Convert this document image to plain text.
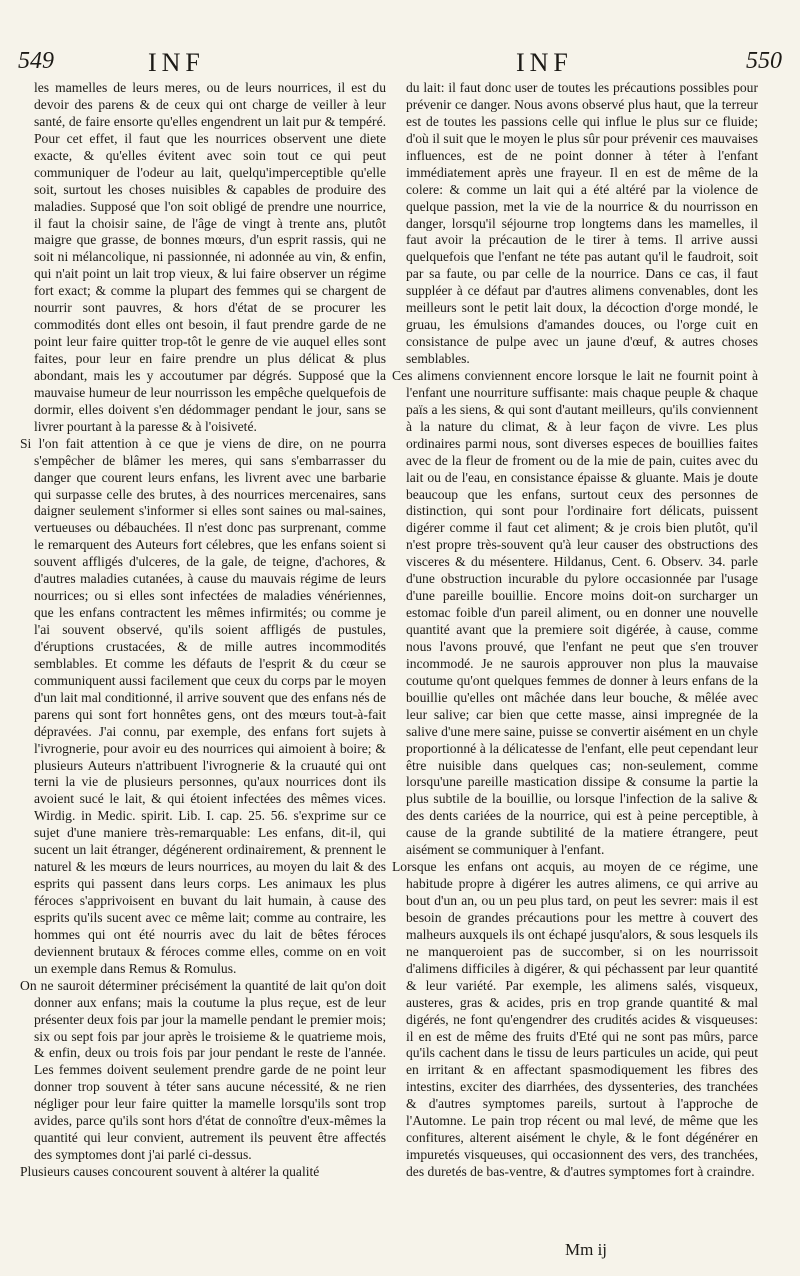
549	INF	INF	550

les mamelles de leurs meres, ou de leurs nourrices, il est du devoir des parens & de ceux qui ont charge de veiller à leur santé, de faire ensorte qu'elles engendrent un lait pur & tempéré. Pour cet effet, il faut que les nourrices observent une diete exacte, & qu'elles évitent avec soin tout ce qui peut communiquer de l'odeur au lait, quelqu'imperceptible qu'elle soit, surtout les choses nuisibles & capables de produire des maladies. Supposé que l'on soit obligé de prendre une nourrice, il faut la choisir saine, de l'âge de vingt à trente ans, plutôt maigre que grasse, de bonnes mœurs, d'un esprit rassis, qui ne soit ni mélancolique, ni passionnée, ni adonnée au vin, & enfin, qui n'ait point un lait trop vieux, & lui faire observer un régime fort exact; & comme la plupart des femmes qui se chargent de nourrir sont pauvres, & hors d'état de se procurer les commodités dont elles ont besoin, il faut prendre garde de ne point leur faire quitter trop-tôt le genre de vie auquel elles sont faites, pour leur en faire prendre un plus délicat & plus abondant, mais les y accoutumer par dégrés. Supposé que la mauvaise humeur de leur nourrisson les empêche quelquefois de dormir, elles doivent s'en dédommager pendant le jour, sans se livrer pourtant à la paresse & à l'oisiveté.

Si l'on fait attention à ce que je viens de dire, on ne pourra s'empêcher de blâmer les meres, qui sans s'embarrasser du danger que courent leurs enfans, les livrent avec une barbarie qui surpasse celle des brutes, à des nourrices mercenaires, sans daigner seulement s'informer si elles sont saines ou mal-saines, vertueuses ou débauchées. Il n'est donc pas surprenant, comme le remarquent des Auteurs fort célebres, que les enfans soient si souvent affligés d'ulceres, de la gale, de teigne, d'achores, & d'autres maladies cutanées, à cause du mauvais régime de leurs nourrices; ou si elles sont infectées de maladies vénériennes, que les enfans contractent les mêmes infirmités; ou comme je l'ai souvent observé, qu'ils soient affligés de pustules, d'éruptions crustacées, & de mille autres incommodités semblables. Et comme les défauts de l'esprit & du cœur se communiquent aussi facilement que ceux du corps par le moyen d'un lait mal conditionné, il arrive souvent que des enfans nés de parens qui sont fort honnêtes gens, ont des mœurs tout-à-fait dépravées. J'ai connu, par exemple, des enfans fort sujets à l'ivrognerie, pour avoir eu des nourrices qui aimoient à boire; & plusieurs Auteurs n'attribuent l'ivrognerie & la cruauté qui ont terni la vie de plusieurs personnes, qu'aux nourrices dont ils avoient sucé le lait, & qui étoient infectées des mêmes vices. Wirdig. in Medic. spirit. Lib. I. cap. 25. 56. s'exprime sur ce sujet d'une maniere très-remarquable: Les enfans, dit-il, qui sucent un lait étranger, dégénerent ordinairement, & prennent le naturel & les mœurs de leurs nourrices, au moyen du lait & des esprits qui passent dans leurs corps. Les animaux les plus féroces s'apprivoisent en buvant du lait humain, à cause des esprits qu'ils sucent avec ce même lait; comme au contraire, les hommes qui ont été nourris avec du lait de bêtes féroces deviennent brutaux & féroces comme elles, comme on en voit un exemple dans Remus & Romulus.

On ne sauroit déterminer précisément la quantité de lait qu'on doit donner aux enfans; mais la coutume la plus reçue, est de leur présenter deux fois par jour la mamelle pendant le premier mois; six ou sept fois par jour après le troisieme & le quatrieme mois, & enfin, deux ou trois fois par jour pendant le reste de l'année. Les femmes doivent seulement prendre garde de ne point leur donner trop souvent à téter sans aucune nécessité, & ne rien négliger pour leur faire quitter la mamelle lorsqu'ils sont trop avides, parce qu'ils sont hors d'état de connoître d'eux-mêmes la quantité qui leur convient, autrement ils peuvent être affectés des symptomes dont j'ai parlé ci-dessus.

Plusieurs causes concourent souvent à altérer la qualité

du lait: il faut donc user de toutes les précautions possibles pour prévenir ce danger. Nous avons observé plus haut, que la terreur est de toutes les passions celle qui influe le plus sur ce fluide; d'où il suit que le moyen le plus sûr pour prévenir ces mauvaises influences, est de ne point donner à téter à l'enfant immédiatement après une frayeur. Il en est de même de la colere: & comme un lait qui a été altéré par la violence de quelque passion, met la vie de la nourrice & du nourrisson en danger, lorsqu'il séjourne trop longtems dans les mamelles, il faut avoir la précaution de le tirer à tems. Il arrive aussi quelquefois que l'enfant ne téte pas autant qu'il le faudroit, soit par sa faute, ou par celle de la nourrice. Dans ce cas, il faut suppléer à ce défaut par d'autres alimens convenables, dont les meilleurs sont le petit lait doux, la décoction d'orge mondé, le gruau, les émulsions d'amandes douces, ou l'orge cuit en consistance de pulpe avec un jaune d'œuf, & autres choses semblables.

Ces alimens conviennent encore lorsque le lait ne fournit point à l'enfant une nourriture suffisante: mais chaque peuple & chaque païs a les siens, & qui sont d'autant meilleurs, qu'ils conviennent à la nature du climat, & à leur façon de vivre. Les plus ordinaires parmi nous, sont diverses especes de bouillies faites avec de la fleur de froment ou de la mie de pain, cuites avec du lait ou de l'eau, en consistance épaisse & gluante. Mais je doute beaucoup que les enfans, surtout ceux des personnes de distinction, qui sont pour l'ordinaire fort délicats, puissent digérer comme il faut cet aliment; & je crois bien plutôt, qu'il n'est propre très-souvent qu'à leur causer des obstructions des visceres & du mésentere. Hildanus, Cent. 6. Observ. 34. parle d'une obstruction incurable du pylore occasionnée par l'usage d'une pareille bouillie. Encore moins doit-on surcharger un estomac foible d'un pareil aliment, ou en donner une nouvelle quantité avant que la premiere soit digérée, à cause, comme nous l'avons prouvé, que l'enfant ne peut que s'en trouver incommodé. Je ne saurois approuver non plus la mauvaise coutume qu'ont quelques femmes de donner à leurs enfans de la bouillie qu'elles ont mâchée dans leur bouche, & mêlée avec leur salive; car bien que cette masse, ainsi impregnée de la salive d'une mere saine, puisse se convertir aisément en un chyle proportionné à la délicatesse de l'enfant, elle peut cependant leur être nuisible dans quelques cas; non-seulement, comme lorsqu'une pareille mastication dissipe & consume la partie la plus subtile de la bouillie, ou lorsque l'infection de la salive & des dents cariées de la nourrice, qui est à peine perceptible, à cause de la grande subtilité de la matiere étrangere, peut aisément se communiquer à l'enfant.

Lorsque les enfans ont acquis, au moyen de ce régime, une habitude propre à digérer les autres alimens, ce qui arrive au bout d'un an, ou un peu plus tard, on peut les sevrer: mais il est besoin de grandes précautions pour les mettre à couvert des malheurs auxquels ils ont échapé jusqu'alors, & sous lesquels ils ne manqueroient pas de succomber, si on les nourrissoit d'alimens difficiles à digérer, & qui péchassent par leur quantité & leur variété. Par exemple, les alimens salés, visqueux, austeres, gras & acides, pris en trop grande quantité & mal digérés, ne font qu'engendrer des crudités acides & visqueuses: il en est de même des fruits d'Eté qui ne sont pas mûrs, parce qu'ils cachent dans le tissu de leurs particules un acide, qui peut en irritant & en affectant spasmodiquement les fibres des intestins, exciter des diarrhées, des dyssenteries, des tranchées & d'autres symptomes pareils, surtout à l'approche de l'Automne. Le pain trop récent ou mal levé, de même que les confitures, alterent aisément le chyle, & le font dégénérer en impuretés visqueuses, qui occasionnent des vers, des tranchées, des duretés de bas-ventre, & d'autres symptomes fort à craindre.

Mm ij
